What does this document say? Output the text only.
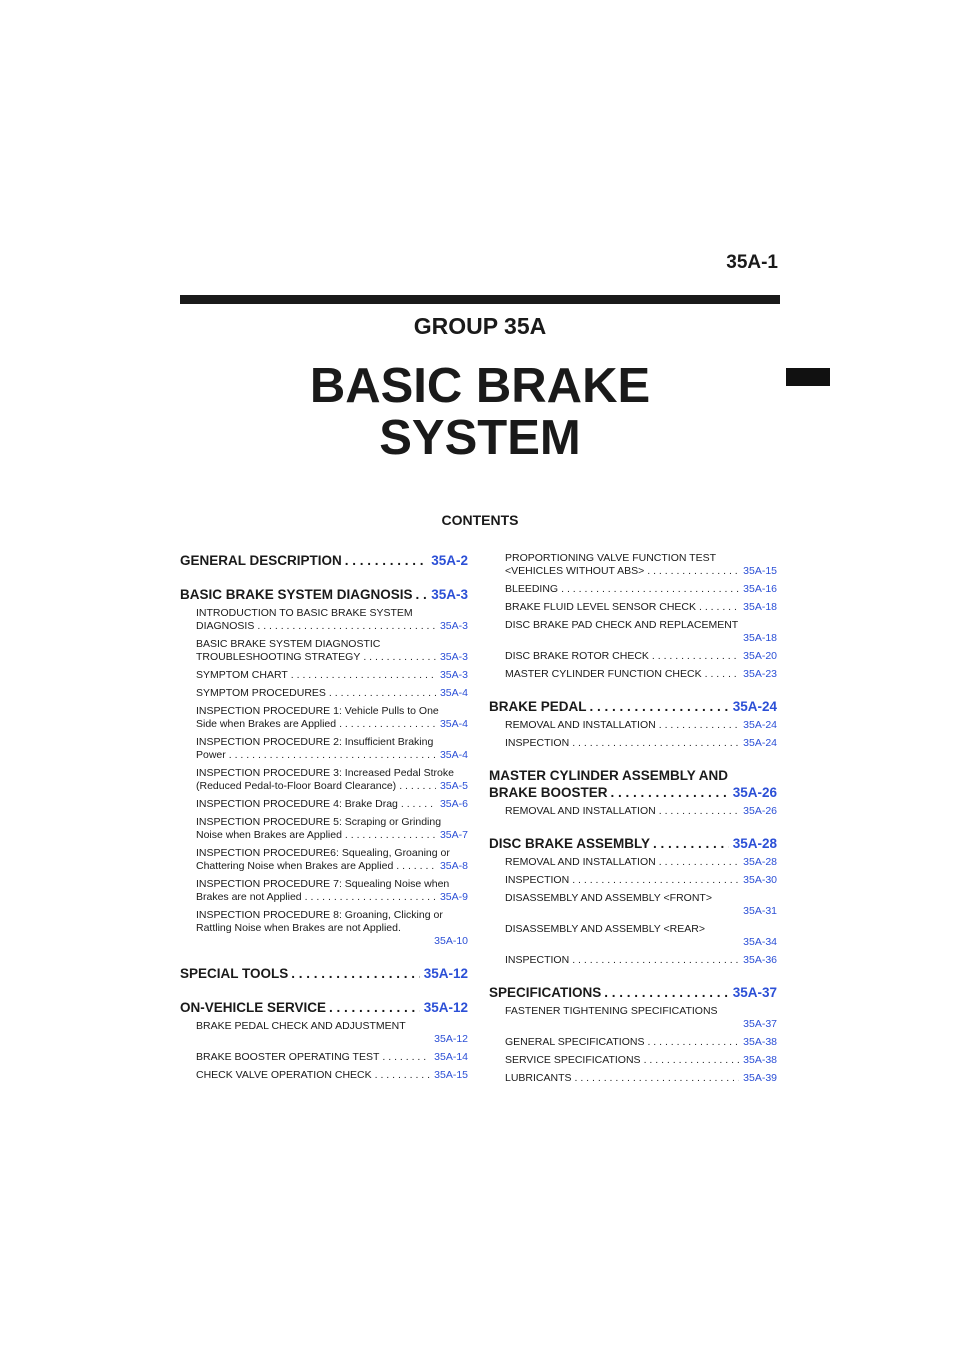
35A-1
GROUP 35A
BASIC BRAKE
SYSTEM
CONTENTS
GENERAL DESCRIPTION . . .	35A-2
BASIC BRAKE SYSTEM DIAGNOSIS . . .	35A-3
INTRODUCTION TO BASIC BRAKE SYSTEM
DIAGNOSIS . . .	35A-3
BASIC BRAKE SYSTEM DIAGNOSTIC
TROUBLESHOOTING STRATEGY . . .	35A-3
SYMPTOM CHART . . .	35A-3
SYMPTOM PROCEDURES . . .	35A-4
INSPECTION PROCEDURE 1: Vehicle Pulls to One
Side when Brakes are Applied . . .	35A-4
INSPECTION PROCEDURE 2: Insufficient Braking
Power . . .	35A-4
INSPECTION PROCEDURE 3: Increased Pedal Stroke
(Reduced Pedal-to-Floor Board Clearance) . . .	35A-5
INSPECTION PROCEDURE 4: Brake Drag . . .	35A-6
INSPECTION PROCEDURE 5: Scraping or Grinding
Noise when Brakes are Applied . . .	35A-7
INSPECTION PROCEDURE6: Squealing, Groaning or
Chattering Noise when Brakes are Applied . . .	35A-8
INSPECTION PROCEDURE 7: Squealing Noise when
Brakes are not Applied . . .	35A-9
INSPECTION PROCEDURE 8: Groaning, Clicking or
Rattling Noise when Brakes are not Applied.
35A-10
SPECIAL TOOLS . . .	35A-12
ON-VEHICLE SERVICE . . .	35A-12
BRAKE PEDAL CHECK AND ADJUSTMENT
35A-12
BRAKE BOOSTER OPERATING TEST . . .	35A-14
CHECK VALVE OPERATION CHECK . . .	35A-15
PROPORTIONING VALVE FUNCTION TEST
<VEHICLES WITHOUT ABS> . . .	35A-15
BLEEDING . . .	35A-16
BRAKE FLUID LEVEL SENSOR CHECK . . .	35A-18
DISC BRAKE PAD CHECK AND REPLACEMENT
35A-18
DISC BRAKE ROTOR CHECK . . .	35A-20
MASTER CYLINDER FUNCTION CHECK . . .	35A-23
BRAKE PEDAL . . .	35A-24
REMOVAL AND INSTALLATION . . .	35A-24
INSPECTION . . .	35A-24
MASTER CYLINDER ASSEMBLY AND
BRAKE BOOSTER . . .	35A-26
REMOVAL AND INSTALLATION . . .	35A-26
DISC BRAKE ASSEMBLY . . .	35A-28
REMOVAL AND INSTALLATION . . .	35A-28
INSPECTION . . .	35A-30
DISASSEMBLY AND ASSEMBLY <FRONT>
35A-31
DISASSEMBLY AND ASSEMBLY <REAR>
35A-34
INSPECTION . . .	35A-36
SPECIFICATIONS . . .	35A-37
FASTENER TIGHTENING SPECIFICATIONS
35A-37
GENERAL SPECIFICATIONS . . .	35A-38
SERVICE SPECIFICATIONS . . .	35A-38
LUBRICANTS . . .	35A-39
